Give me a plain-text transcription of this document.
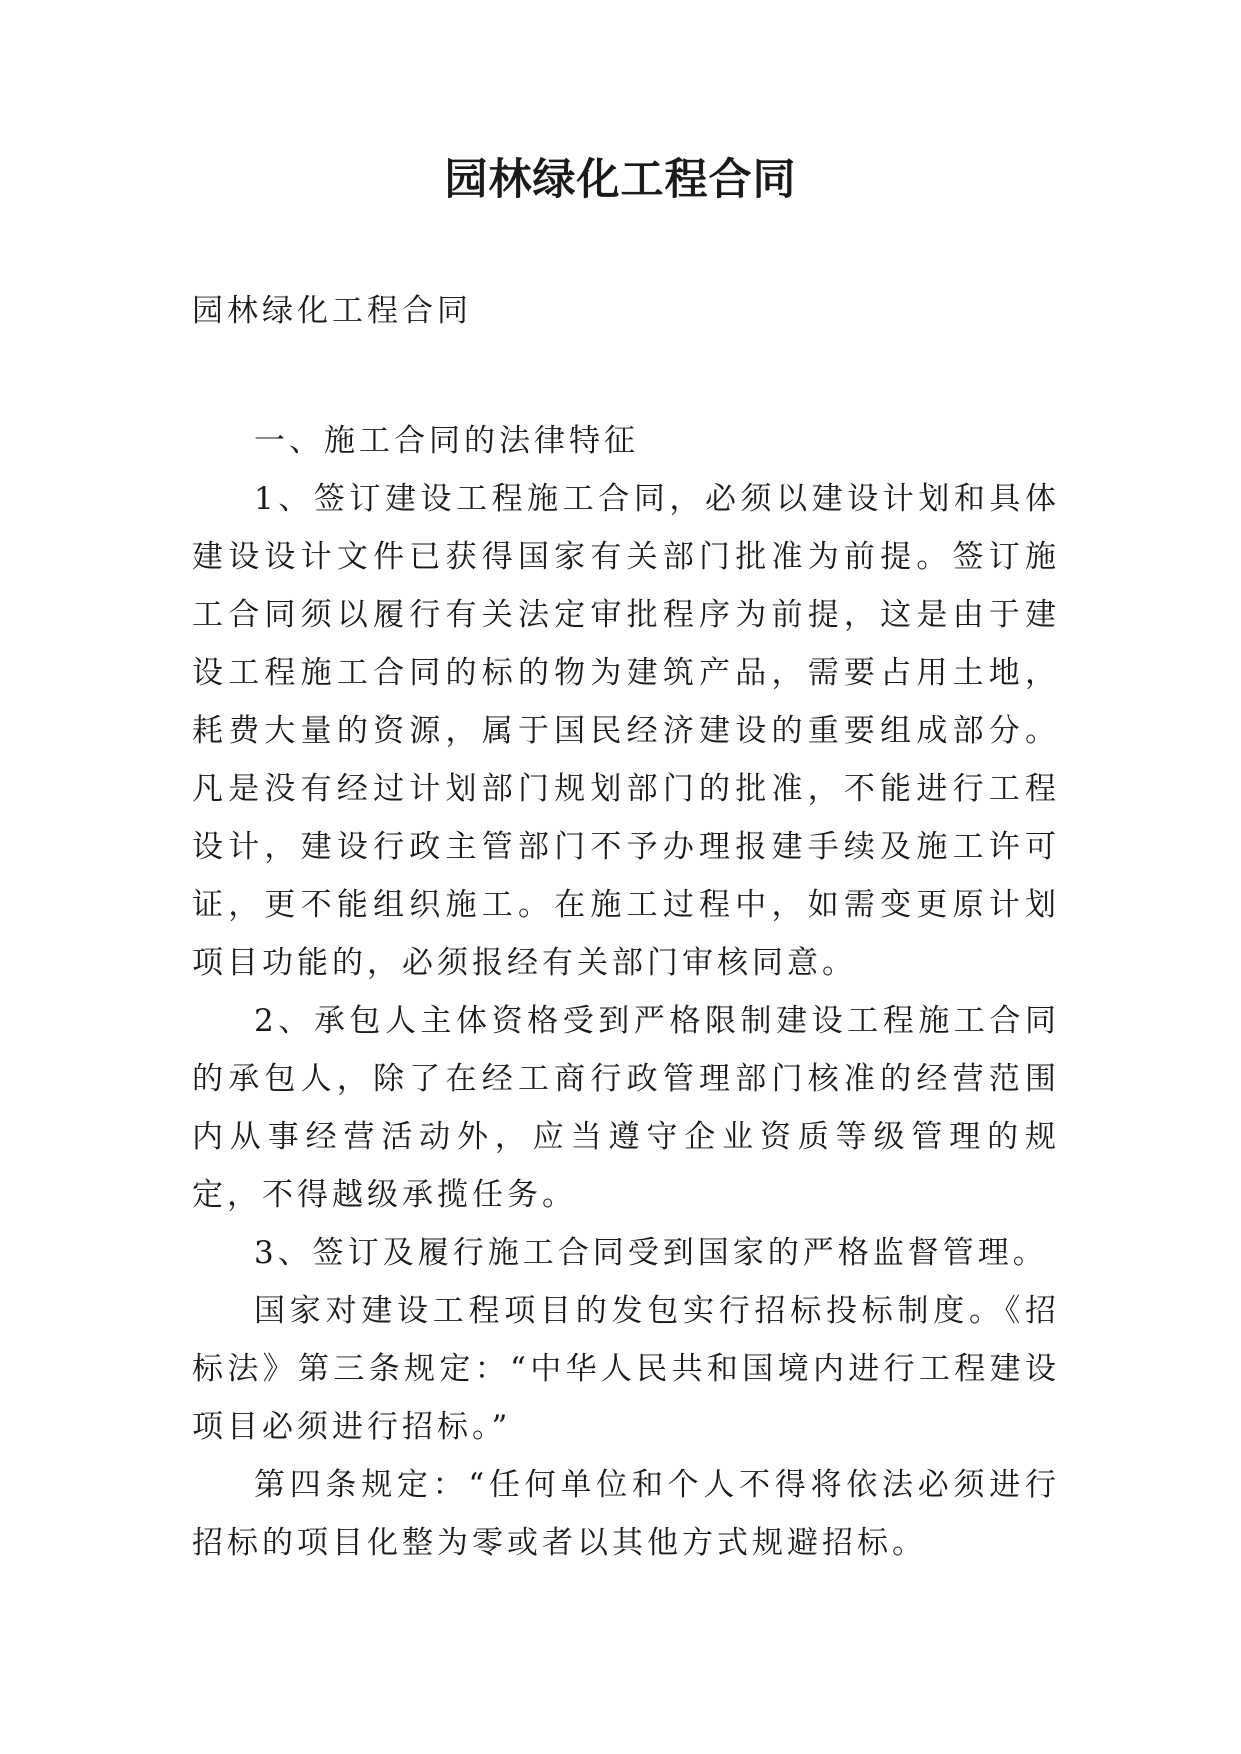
园林绿化工程合同

园林绿化工程合同

一、施工合同的法律特征

1、签订建设工程施工合同，必须以建设计划和具体建设设计文件已获得国家有关部门批准为前提。签订施工合同须以履行有关法定审批程序为前提，这是由于建设工程施工合同的标的物为建筑产品，需要占用土地，耗费大量的资源，属于国民经济建设的重要组成部分。凡是没有经过计划部门规划部门的批准，不能进行工程设计，建设行政主管部门不予办理报建手续及施工许可证，更不能组织施工。在施工过程中，如需变更原计划项目功能的，必须报经有关部门审核同意。

2、承包人主体资格受到严格限制建设工程施工合同的承包人，除了在经工商行政管理部门核准的经营范围内从事经营活动外，应当遵守企业资质等级管理的规定，不得越级承揽任务。

3、签订及履行施工合同受到国家的严格监督管理。

国家对建设工程项目的发包实行招标投标制度。《招标法》第三条规定：“中华人民共和国境内进行工程建设项目必须进行招标。”

第四条规定：“任何单位和个人不得将依法必须进行招标的项目化整为零或者以其他方式规避招标。
